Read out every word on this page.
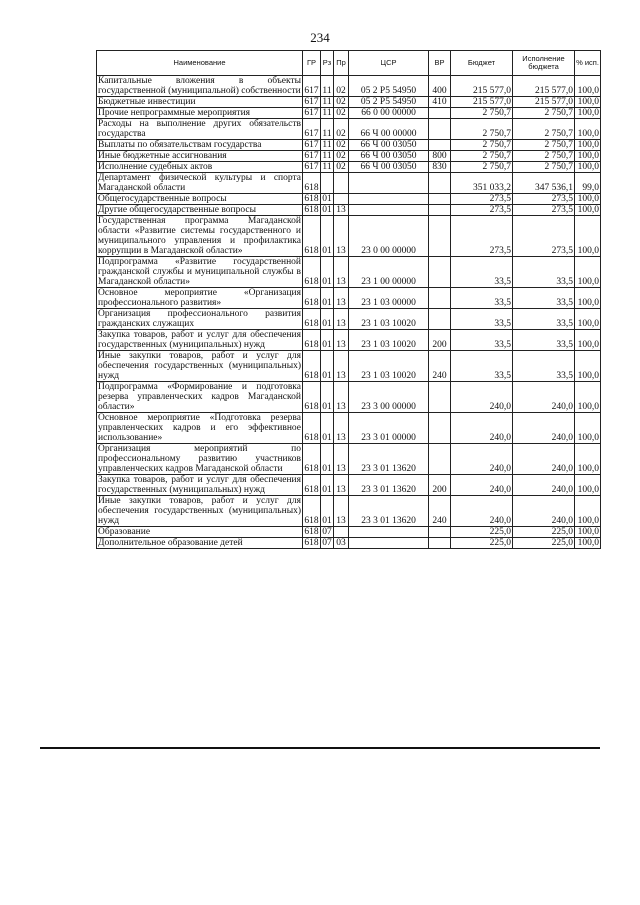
234
Наименование	ГР	Рз	Пр	ЦСР	ВР	Бюджет	Исполнение бюджета	% исп.
Капитальные вложения в объекты государственной (муниципальной) собственности	617	11	02	05 2 P5 54950	400	215 577,0	215 577,0	100,0
Бюджетные инвестиции	617	11	02	05 2 P5 54950	410	215 577,0	215 577,0	100,0
Прочие непрограммные мероприятия	617	11	02	66 0 00 00000		2 750,7	2 750,7	100,0
Расходы на выполнение других обязательств государства	617	11	02	66 Ч 00 00000		2 750,7	2 750,7	100,0
Выплаты по обязательствам государства	617	11	02	66 Ч 00 03050		2 750,7	2 750,7	100,0
Иные бюджетные ассигнования	617	11	02	66 Ч 00 03050	800	2 750,7	2 750,7	100,0
Исполнение судебных актов	617	11	02	66 Ч 00 03050	830	2 750,7	2 750,7	100,0
Департамент физической культуры и спорта Магаданской области	618					351 033,2	347 536,1	99,0
Общегосударственные вопросы	618	01				273,5	273,5	100,0
Другие общегосударственные вопросы	618	01	13			273,5	273,5	100,0
Государственная программа Магаданской области «Развитие системы государственного и муниципального управления и профилактика коррупции в Магаданской области»	618	01	13	23 0 00 00000		273,5	273,5	100,0
Подпрограмма «Развитие государственной гражданской службы и муниципальной службы в Магаданской области»	618	01	13	23 1 00 00000		33,5	33,5	100,0
Основное мероприятие «Организация профессионального развития»	618	01	13	23 1 03 00000		33,5	33,5	100,0
Организация профессионального развития гражданских служащих	618	01	13	23 1 03 10020		33,5	33,5	100,0
Закупка товаров, работ и услуг для обеспечения государственных (муниципальных) нужд	618	01	13	23 1 03 10020	200	33,5	33,5	100,0
Иные закупки товаров, работ и услуг для обеспечения государственных (муниципальных) нужд	618	01	13	23 1 03 10020	240	33,5	33,5	100,0
Подпрограмма «Формирование и подготовка резерва управленческих кадров Магаданской области»	618	01	13	23 3 00 00000		240,0	240,0	100,0
Основное мероприятие «Подготовка резерва управленческих кадров и его эффективное использование»	618	01	13	23 3 01 00000		240,0	240,0	100,0
Организация мероприятий по профессиональному развитию участников управленческих кадров Магаданской области	618	01	13	23 3 01 13620		240,0	240,0	100,0
Закупка товаров, работ и услуг для обеспечения государственных (муниципальных) нужд	618	01	13	23 3 01 13620	200	240,0	240,0	100,0
Иные закупки товаров, работ и услуг для обеспечения государственных (муниципальных) нужд	618	01	13	23 3 01 13620	240	240,0	240,0	100,0
Образование	618	07				225,0	225,0	100,0
Дополнительное образование детей	618	07	03			225,0	225,0	100,0
